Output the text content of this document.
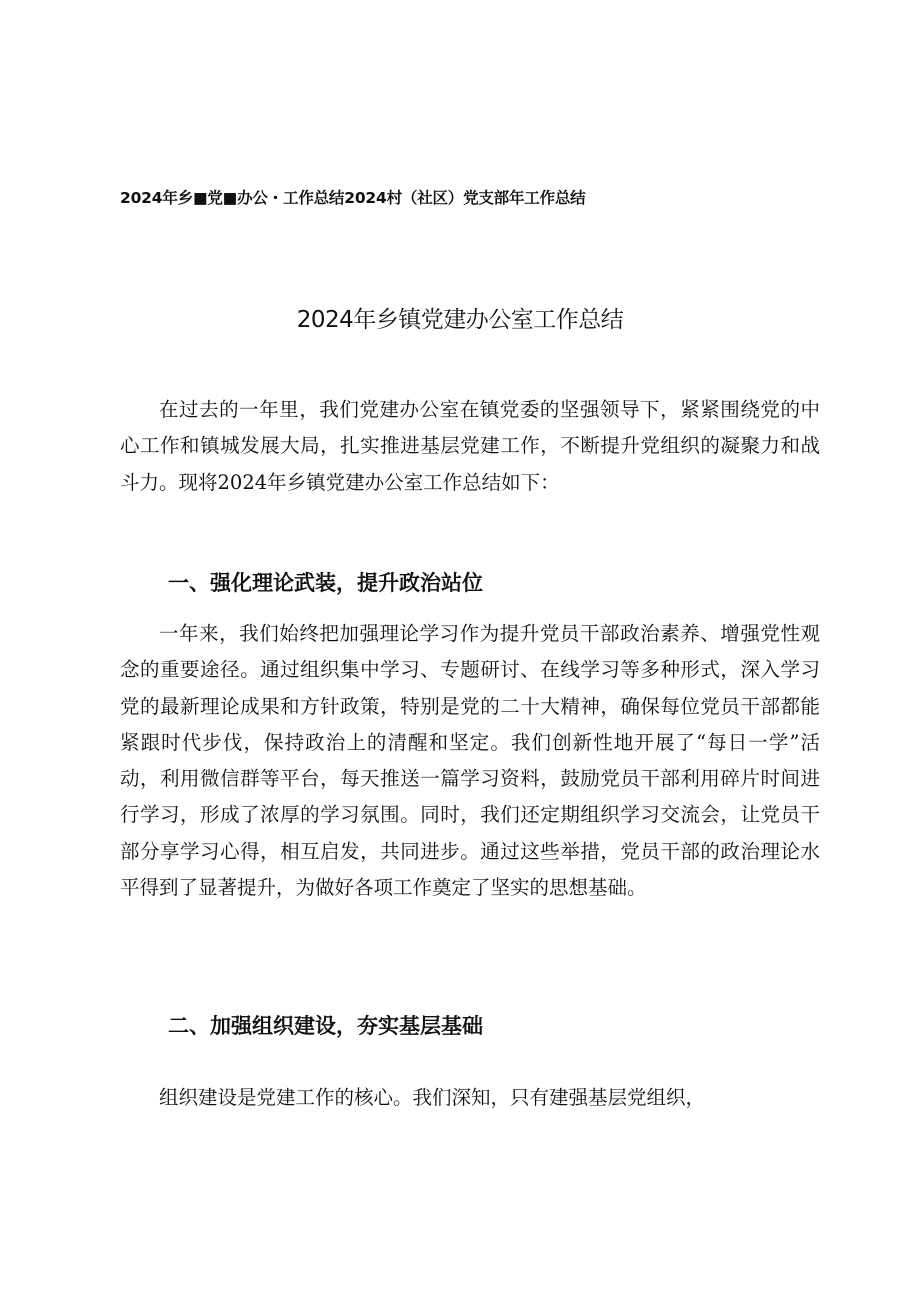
2024年乡■党■办公・工作总结2024村（社区）党支部年工作总结
2024年乡镇党建办公室工作总结

在过去的一年里，我们党建办公室在镇党委的坚强领导下，紧紧围绕党的中心工作和镇城发展大局，扎实推进基层党建工作，不断提升党组织的凝聚力和战斗力。现将2024年乡镇党建办公室工作总结如下：

一、强化理论武装，提升政治站位

一年来，我们始终把加强理论学习作为提升党员干部政治素养、增强党性观念的重要途径。通过组织集中学习、专题研讨、在线学习等多种形式，深入学习党的最新理论成果和方针政策，特别是党的二十大精神，确保每位党员干部都能紧跟时代步伐，保持政治上的清醒和坚定。我们创新性地开展了“每日一学”活动，利用微信群等平台，每天推送一篇学习资料，鼓励党员干部利用碎片时间进行学习，形成了浓厚的学习氛围。同时，我们还定期组织学习交流会，让党员干部分享学习心得，相互启发，共同进步。通过这些举措，党员干部的政治理论水平得到了显著提升，为做好各项工作奠定了坚实的思想基础。

二、加强组织建设，夯实基层基础

组织建设是党建工作的核心。我们深知，只有建强基层党组织，
